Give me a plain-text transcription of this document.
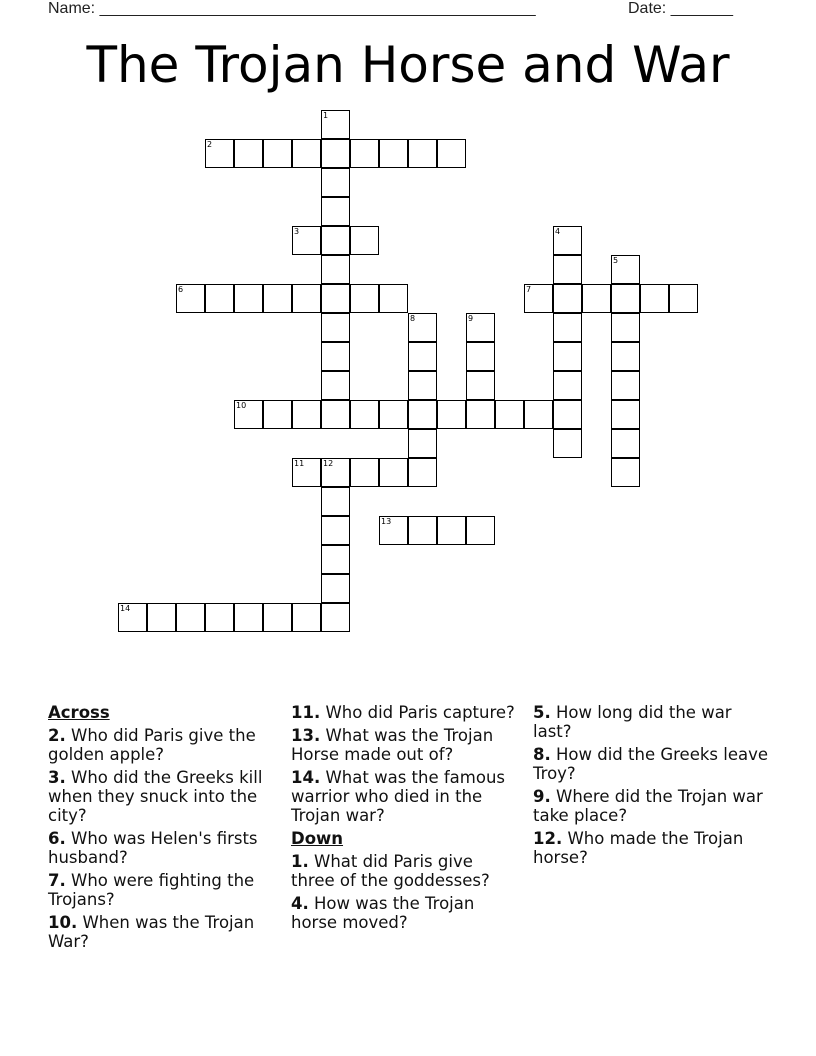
Name: _________________________________________________	Date: _______
The Trojan Horse and War
1
2
3	4
5
6	7
8	9
10
11 12
13
14
Across
2. Who did Paris give the golden apple?
3. Who did the Greeks kill when they snuck into the city?
6. Who was Helen's firsts husband?
7. Who were fighting the Trojans?
10. When was the Trojan War?
11. Who did Paris capture?
13. What was the Trojan Horse made out of?
14. What was the famous warrior who died in the Trojan war?
Down
1. What did Paris give three of the goddesses?
4. How was the Trojan horse moved?
5. How long did the war last?
8. How did the Greeks leave Troy?
9. Where did the Trojan war take place?
12. Who made the Trojan horse?
